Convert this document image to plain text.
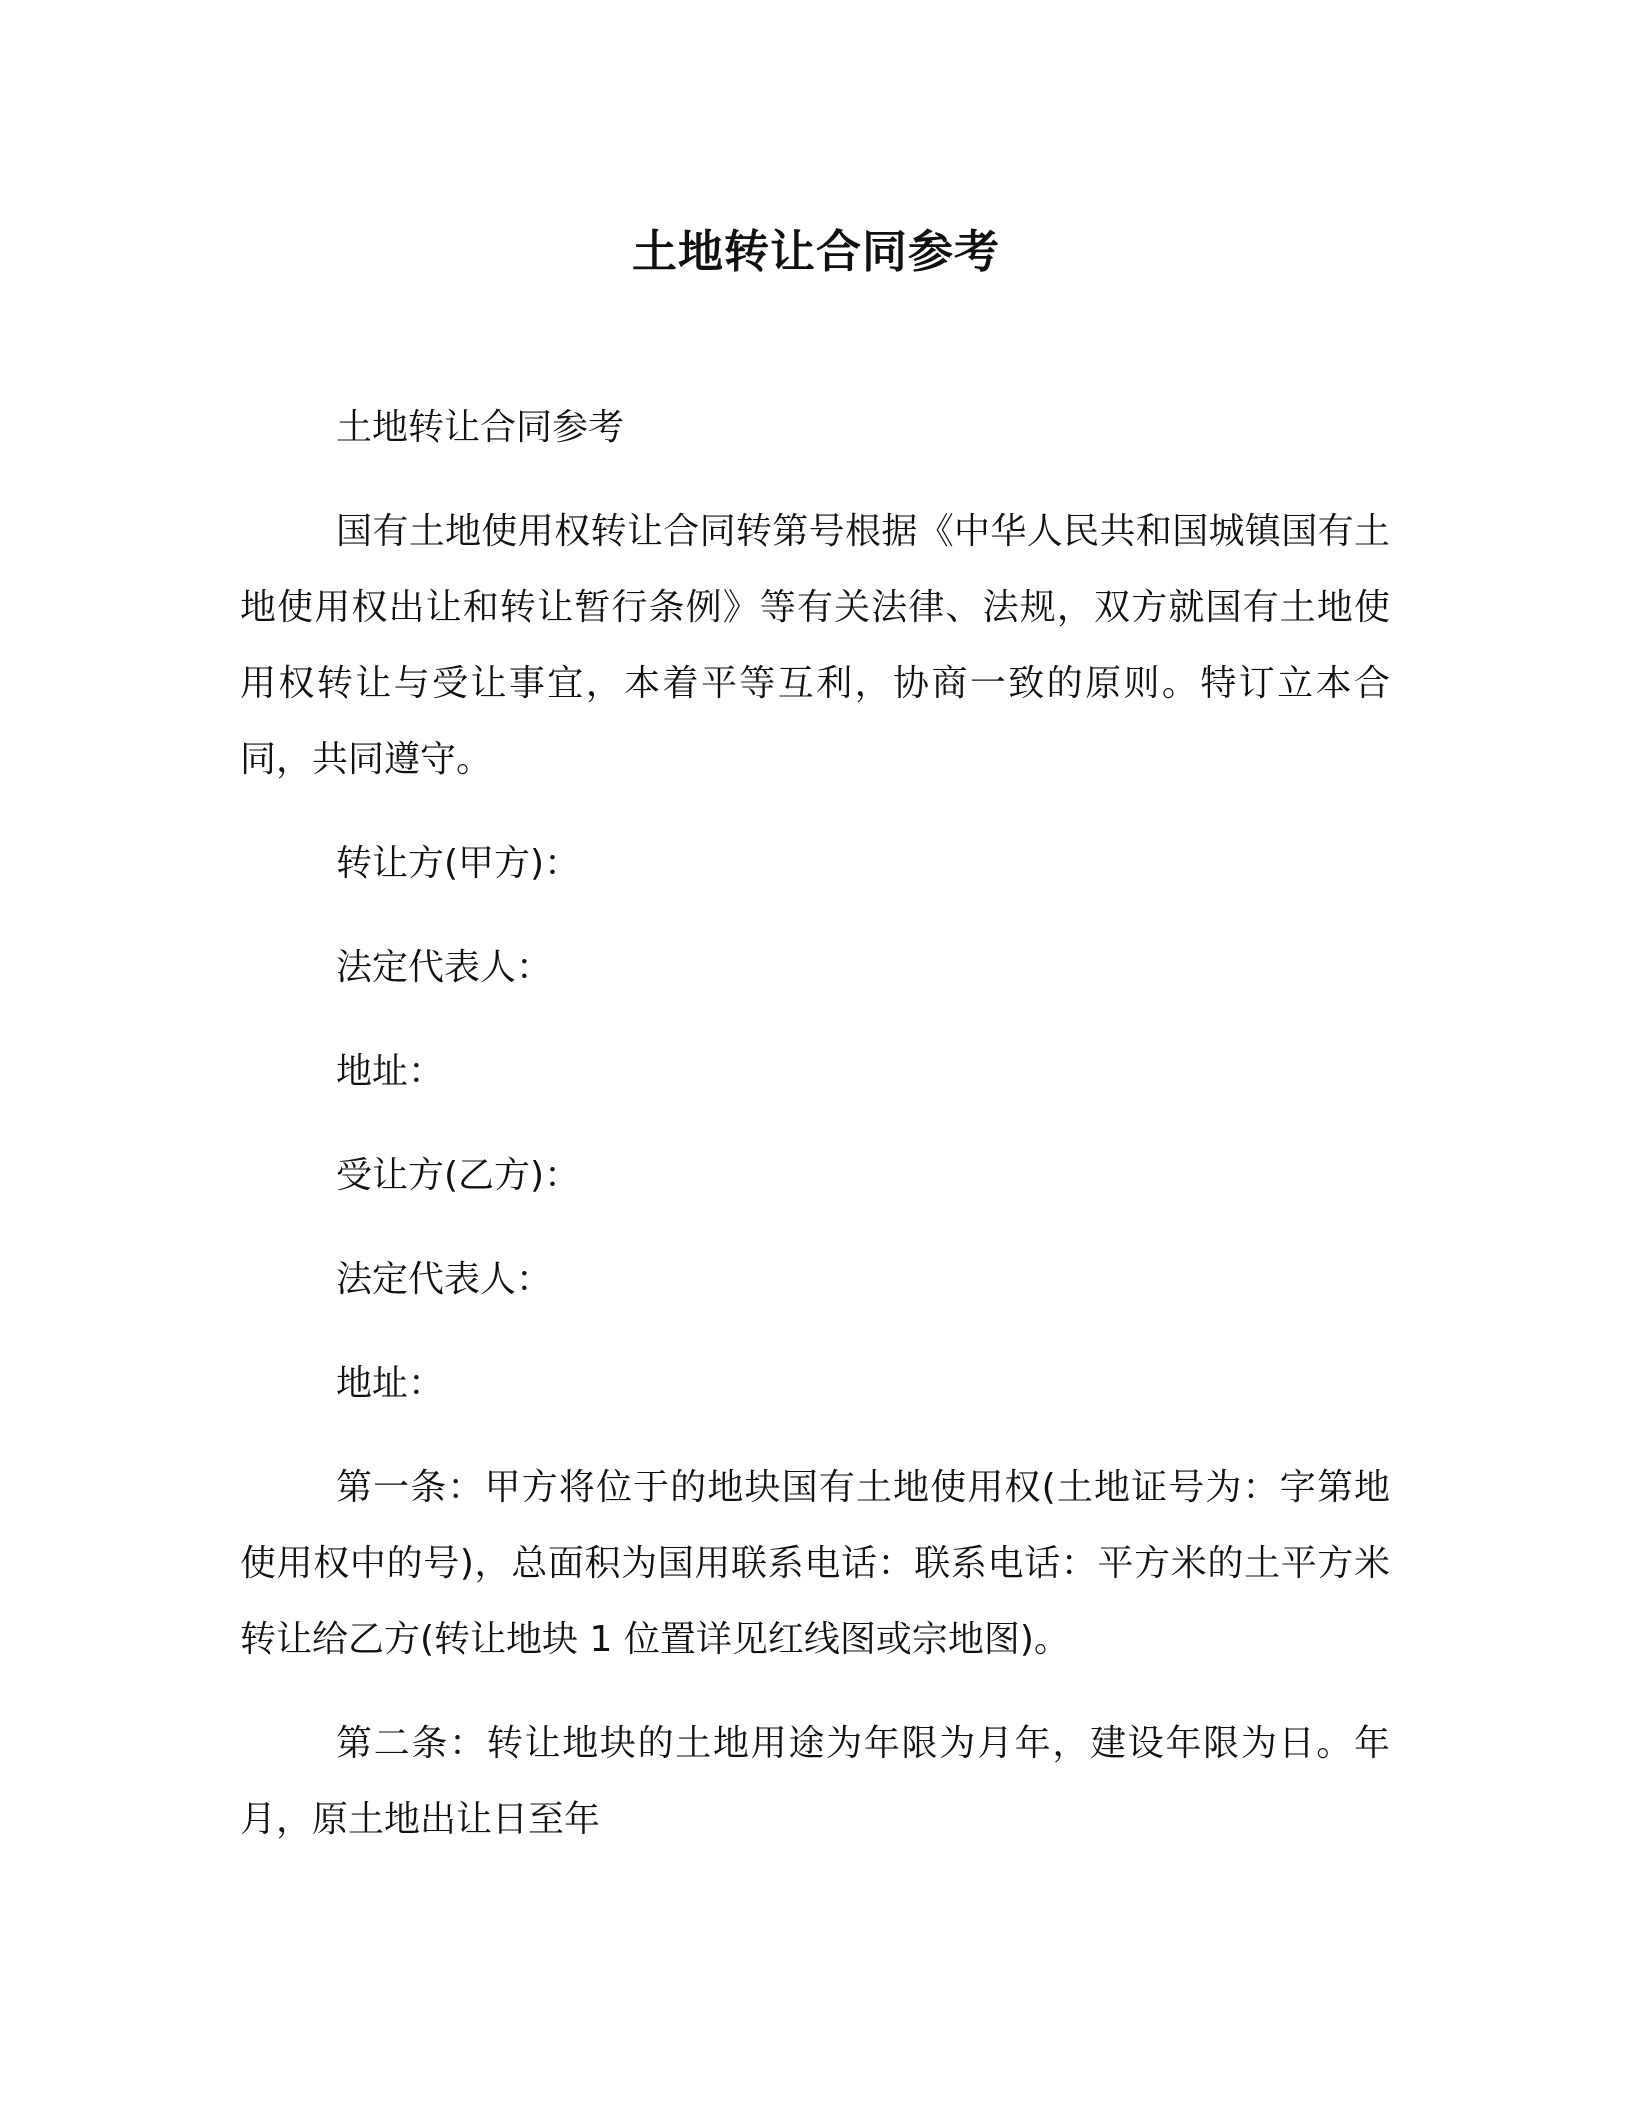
土地转让合同参考

土地转让合同参考

国有土地使用权转让合同转第号根据《中华人民共和国城镇国有土地使用权出让和转让暂行条例》等有关法律、法规，双方就国有土地使用权转让与受让事宜，本着平等互利，协商一致的原则。特订立本合同，共同遵守。

转让方(甲方)：

法定代表人：

地址：

受让方(乙方)：

法定代表人：

地址：

第一条：甲方将位于的地块国有土地使用权(土地证号为：字第地使用权中的号)，总面积为国用联系电话：联系电话：平方米的土平方米转让给乙方(转让地块 1 位置详见红线图或宗地图)。

第二条：转让地块的土地用途为年限为月年，建设年限为日。年月，原土地出让日至年
